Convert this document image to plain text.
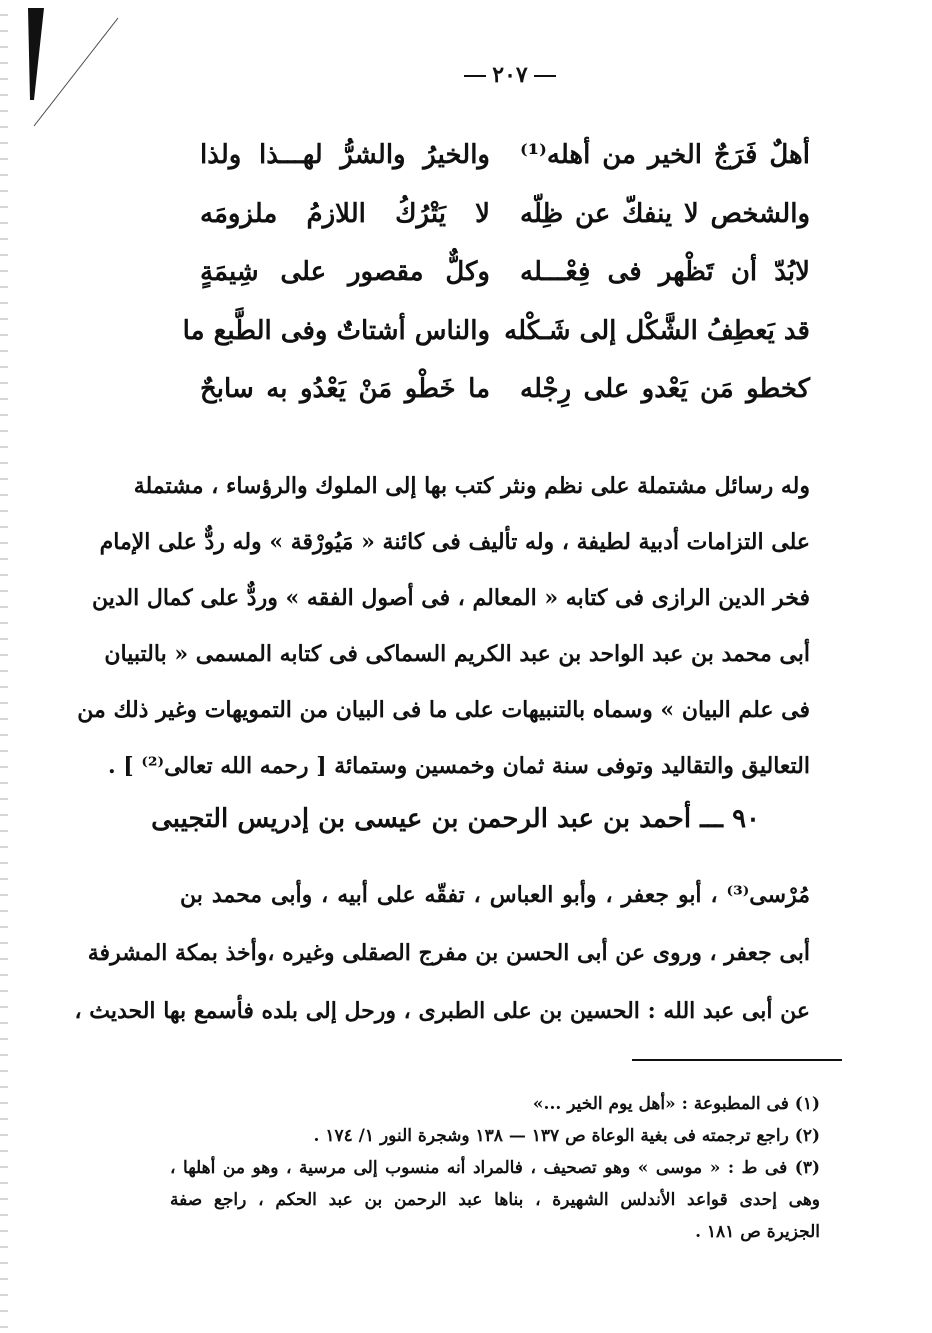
٢٠٧
والخيرُ والشرُّ لهـــذا ولذا أهلٌ فَرَجٌ الخير من أهله⁽¹⁾
لا يَتْرُكُ اللازمُ ملزومَه والشخص لا ينفكّ عن ظِلّه
وكلٌّ مقصور على شِيمَةٍ لابُدّ أن تَظْهر فى فِعْـــله
والناس أشتاتٌ وفى الطَّبع ما قد يَعطِفُ الشَّكْل إلى شَـكْله
ما خَطْو مَنْ يَعْدُو به سابحٌ كخطو مَن يَعْدو على رِجْله
وله رسائل مشتملة على نظم ونثر كتب بها إلى الملوك والرؤساء ، مشتملة
على التزامات أدبية لطيفة ، وله تأليف فى كائنة « مَيُورْقة » وله ردٌّ على الإمام
فخر الدين الرازى فى كتابه « المعالم ، فى أصول الفقه » وردٌّ على كمال الدين
أبى محمد بن عبد الواحد بن عبد الكريم السماكى فى كتابه المسمى « بالتبيان
فى علم البيان » وسماه بالتنبيهات على ما فى البيان من التمويهات وغير ذلك من
التعاليق والتقاليد وتوفى سنة ثمان وخمسين وستمائة [ رحمه الله تعالى⁽²⁾ ] .
٩٠ ـــ أحمد بن عبد الرحمن بن عيسى بن إدريس التجيبى
مُرْسى⁽³⁾ ، أبو جعفر ، وأبو العباس ، تفقّه على أبيه ، وأبى محمد بن
أبى جعفر ، وروى عن أبى الحسن بن مفرج الصقلى وغيره ،وأخذ بمكة المشرفة
عن أبى عبد الله : الحسين بن على الطبرى ، ورحل إلى بلده فأسمع بها الحديث ،
(١) فى المطبوعة : «أهل يوم الخير ...»
(٢) راجع ترجمته فى بغية الوعاة ص ١٣٧ — ١٣٨ وشجرة النور ١/ ١٧٤ .
(٣) فى ط : « موسى » وهو تصحيف ، فالمراد أنه منسوب إلى مرسية ، وهو من أهلها ،
وهى إحدى قواعد الأندلس الشهيرة ، بناها عبد الرحمن بن عبد الحكم ، راجع صفة
الجزيرة ص ١٨١ .
